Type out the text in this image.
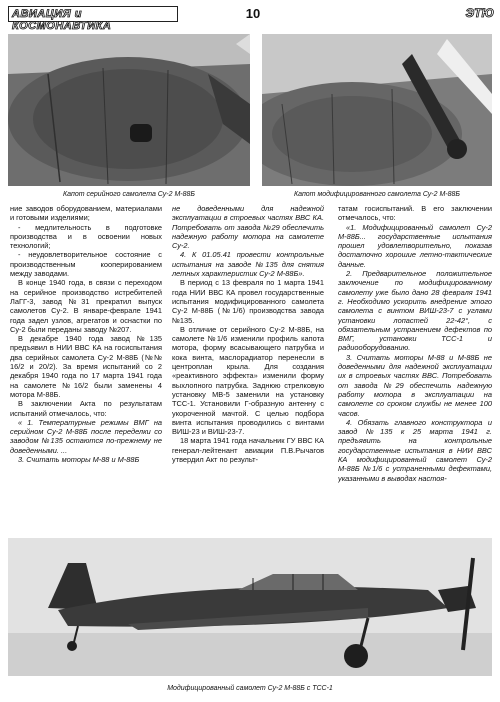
АВИАЦИЯ и КОСМОНАВТИКА
10	ЭТЮ
Капот серийного самолета Су-2 М-88Б	Капот модифицированного самолета Су-2 М-88Б

ние заводов оборудованием, материалами и готовыми изделиями;

- медлительность в подготовке производства и в освоении новых технологий;

- неудовлетворительное состояние с производственным кооперированием между заводами.

В конце 1940 года, в связи с переходом на серийное производство истребителей ЛаГГ-3, завод №31 прекратил выпуск самолетов Су-2. В январе-феврале 1941 года задел узлов, агрегатов и оснастки по Су-2 были переданы заводу №207.

В декабре 1940 года завод №135 предъявил в НИИ ВВС КА на госиспытания два серийных самолета Су-2 М-88Б (№№ 16/2 и 20/2). За время испытаний со 2 декабря 1940 года по 17 марта 1941 года на самолете №16/2 были заменены 4 мотора М-88Б.

В заключении Акта по результатам испытаний отмечалось, что:

« 1. Температурные режимы ВМГ на серийном Су-2 М-88Б после переделки со заводом №135 остаются по-прежнему не доведенными. ...

3. Считать моторы М-88 и М-88Б

не доведенными для надежной эксплуатации в строевых частях ВВС КА. Потребовать от завода №29 обеспечить надежную работу мотора на самолете Су-2.

4. К 01.05.41 провести контрольные испытания на заводе №135 для снятия летных характеристик Су-2 М-88Б».

В период с 13 февраля по 1 марта 1941 года НИИ ВВС КА провел государственные испытания модифицированного самолета Су-2 М-88Б (№1/6) производства завода №135.

В отличие от серийного Су-2 М-88Б, на самолете №1/6 изменили профиль капота мотора, форму всасывающего патрубка и кока винта, маслорадиатор перенесли в центроплан крыла. Для создания «реактивного эффекта» изменили форму выхлопного патрубка. Заднюю стрелковую установку МВ-5 заменили на установку ТСС-1. Установили Г-образную антенну с укороченной мачтой. С целью подбора винта испытания проводились с винтами ВИШ-23 и ВИШ-23-7.

18 марта 1941 года начальник ГУ ВВС КА генерал-лейтенант авиации П.В.Рычагов утвердил Акт по результ-

татам госиспытаний. В его заключении отмечалось, что:

«1. Модифицированный самолет Су-2 М-88Б... государственные испытания прошел удовлетворительно, показав достаточно хорошие летно-тактические данные.

2. Предварительное положительное заключение по модифицированному самолету уже было дано 28 февраля 1941 г. Необходимо ускорить внедрение этого самолета с винтом ВИШ-23-7 с углами установки лопастей 22-42°, с обязательным устранением дефектов по ВМГ, установки ТСС-1 и радиооборудованию.

3. Считать моторы М-88 и М-88Б не доведенными для надежной эксплуатации их в строевых частях ВВС. Потребовать от завода №29 обеспечить надежную работу мотора в эксплуатации на самолете со сроком службы не менее 100 часов.

4. Обязать главного конструктора и завод №135 к 25 марта 1941 г. предъявить на контрольные государственные испытания в НИИ ВВС КА модифицированный самолет Су-2 М-88Б №1/6 с устраненными дефектами, указанными в выводах настоя-

Модифицированный самолет Су-2 М-88Б с ТСС-1
